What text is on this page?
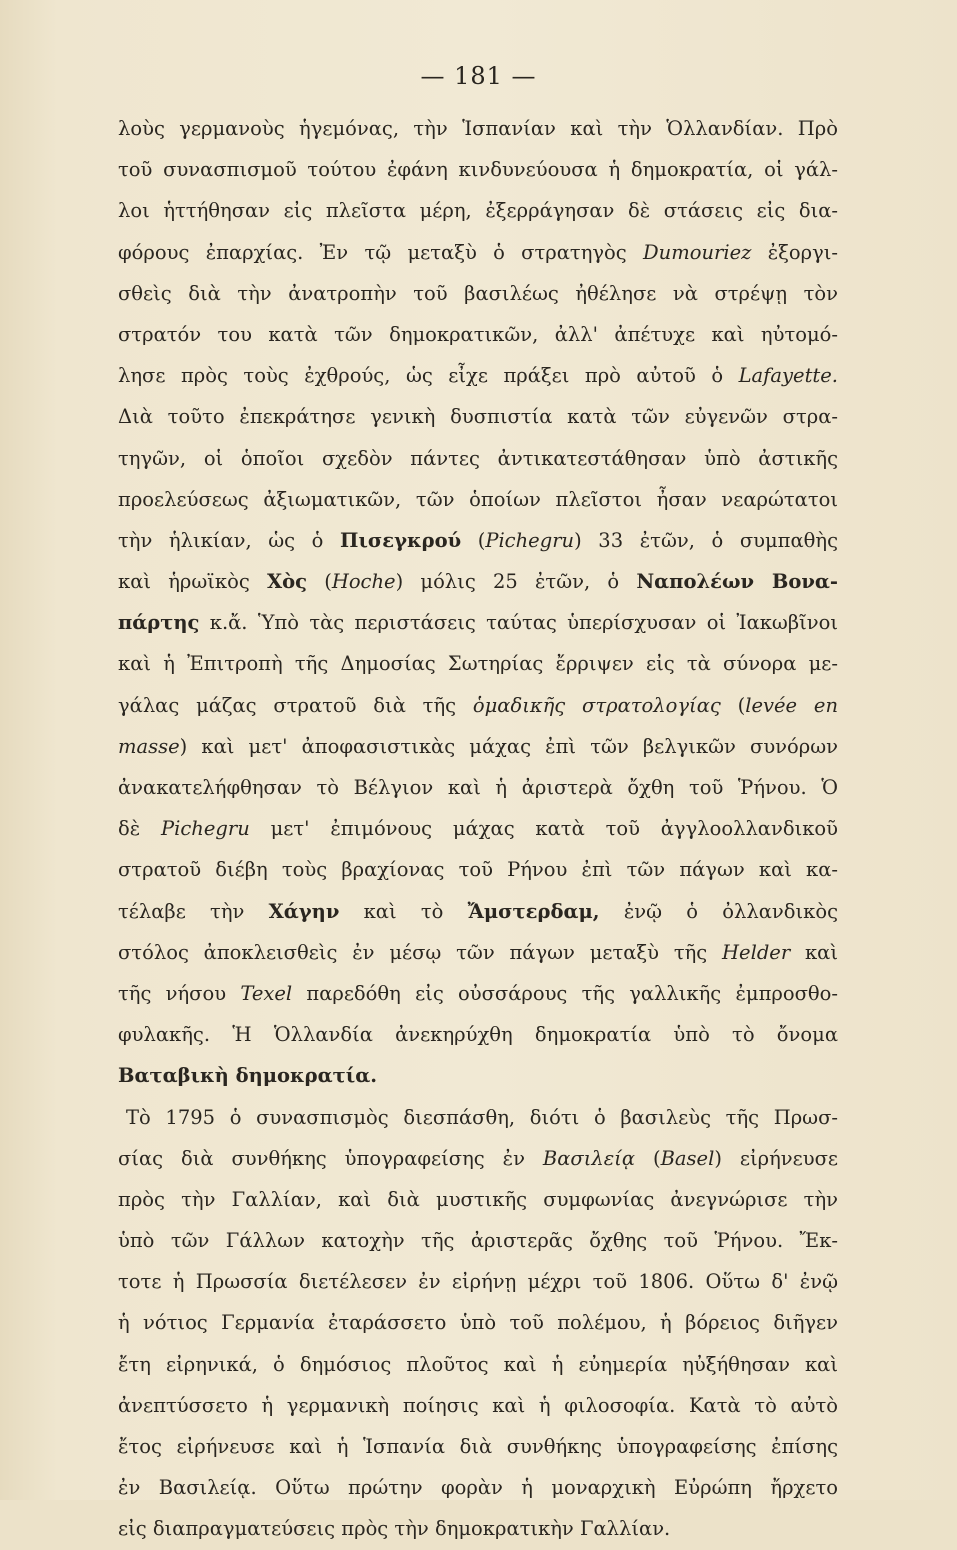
— 181 —
λοὺς γερμανοὺς ἡγεμόνας, τὴν Ἱσπανίαν καὶ τὴν Ὁλλανδίαν. Πρὸ
τοῦ συνασπισμοῦ τούτου ἐφάνη κινδυνεύουσα ἡ δημοκρατία, οἱ γάλ-
λοι ἡττήθησαν εἰς πλεῖστα μέρη, ἐξερράγησαν δὲ στάσεις εἰς δια-
φόρους ἐπαρχίας. Ἐν τῷ μεταξὺ ὁ στρατηγὸς Dumouriez ἐξοργι-
σθεὶς διὰ τὴν ἀνατροπὴν τοῦ βασιλέως ἠθέλησε νὰ στρέψῃ τὸν
στρατόν του κατὰ τῶν δημοκρατικῶν, ἀλλ' ἀπέτυχε καὶ ηὐτομό-
λησε πρὸς τοὺς ἐχθρούς, ὡς εἶχε πράξει πρὸ αὐτοῦ ὁ Lafayette.
Διὰ τοῦτο ἐπεκράτησε γενικὴ δυσπιστία κατὰ τῶν εὐγενῶν στρα-
τηγῶν, οἱ ὁποῖοι σχεδὸν πάντες ἀντικατεστάθησαν ὑπὸ ἀστικῆς
προελεύσεως ἀξιωματικῶν, τῶν ὁποίων πλεῖστοι ἦσαν νεαρώτατοι
τὴν ἡλικίαν, ὡς ὁ Πισεγκρού (Pichegru) 33 ἐτῶν, ὁ συμπαθὴς
καὶ ἡρωϊκὸς Χὸς (Hoche) μόλις 25 ἐτῶν, ὁ Ναπολέων Βονα-
πάρτης κ.ἄ. Ὑπὸ τὰς περιστάσεις ταύτας ὑπερίσχυσαν οἱ Ἰακωβῖνοι
καὶ ἡ Ἐπιτροπὴ τῆς Δημοσίας Σωτηρίας ἔρριψεν εἰς τὰ σύνορα με-
γάλας μάζας στρατοῦ διὰ τῆς ὁμαδικῆς στρατολογίας (levée en
masse) καὶ μετ' ἀποφασιστικὰς μάχας ἐπὶ τῶν βελγικῶν συνόρων
ἀνακατελήφθησαν τὸ Βέλγιον καὶ ἡ ἀριστερὰ ὄχθη τοῦ Ῥήνου. Ὁ
δὲ Pichegru μετ' ἐπιμόνους μάχας κατὰ τοῦ ἀγγλοολλανδικοῦ
στρατοῦ διέβη τοὺς βραχίονας τοῦ Ρήνου ἐπὶ τῶν πάγων καὶ κα-
τέλαβε τὴν Χάγην καὶ τὸ Ἄμστερδαμ, ἐνῷ ὁ ὀλλανδικὸς
στόλος ἀποκλεισθεὶς ἐν μέσῳ τῶν πάγων μεταξὺ τῆς Helder καὶ
τῆς νήσου Texel παρεδόθη εἰς οὐσσάρους τῆς γαλλικῆς ἐμπροσθο-
φυλακῆς. Ἡ Ὁλλανδία ἀνεκηρύχθη δημοκρατία ὑπὸ τὸ ὄνομα
Βαταβικὴ δημοκρατία.
Τὸ 1795 ὁ συνασπισμὸς διεσπάσθη, διότι ὁ βασιλεὺς τῆς Πρωσ-
σίας διὰ συνθήκης ὑπογραφείσης ἐν Βασιλείᾳ (Basel) εἰρήνευσε
πρὸς τὴν Γαλλίαν, καὶ διὰ μυστικῆς συμφωνίας ἀνεγνώρισε τὴν
ὑπὸ τῶν Γάλλων κατοχὴν τῆς ἀριστερᾶς ὄχθης τοῦ Ῥήνου. Ἔκ-
τοτε ἡ Πρωσσία διετέλεσεν ἐν εἰρήνῃ μέχρι τοῦ 1806. Οὕτω δ' ἐνῷ
ἡ νότιος Γερμανία ἐταράσσετο ὑπὸ τοῦ πολέμου, ἡ βόρειος διῆγεν
ἔτη εἰρηνικά, ὁ δημόσιος πλοῦτος καὶ ἡ εὐημερία ηὐξήθησαν καὶ
ἀνεπτύσσετο ἡ γερμανικὴ ποίησις καὶ ἡ φιλοσοφία. Κατὰ τὸ αὐτὸ
ἔτος εἰρήνευσε καὶ ἡ Ἱσπανία διὰ συνθήκης ὑπογραφείσης ἐπίσης
ἐν Βασιλείᾳ. Οὕτω πρώτην φορὰν ἡ μοναρχικὴ Εὐρώπη ἤρχετο
εἰς διαπραγματεύσεις πρὸς τὴν δημοκρατικὴν Γαλλίαν.
